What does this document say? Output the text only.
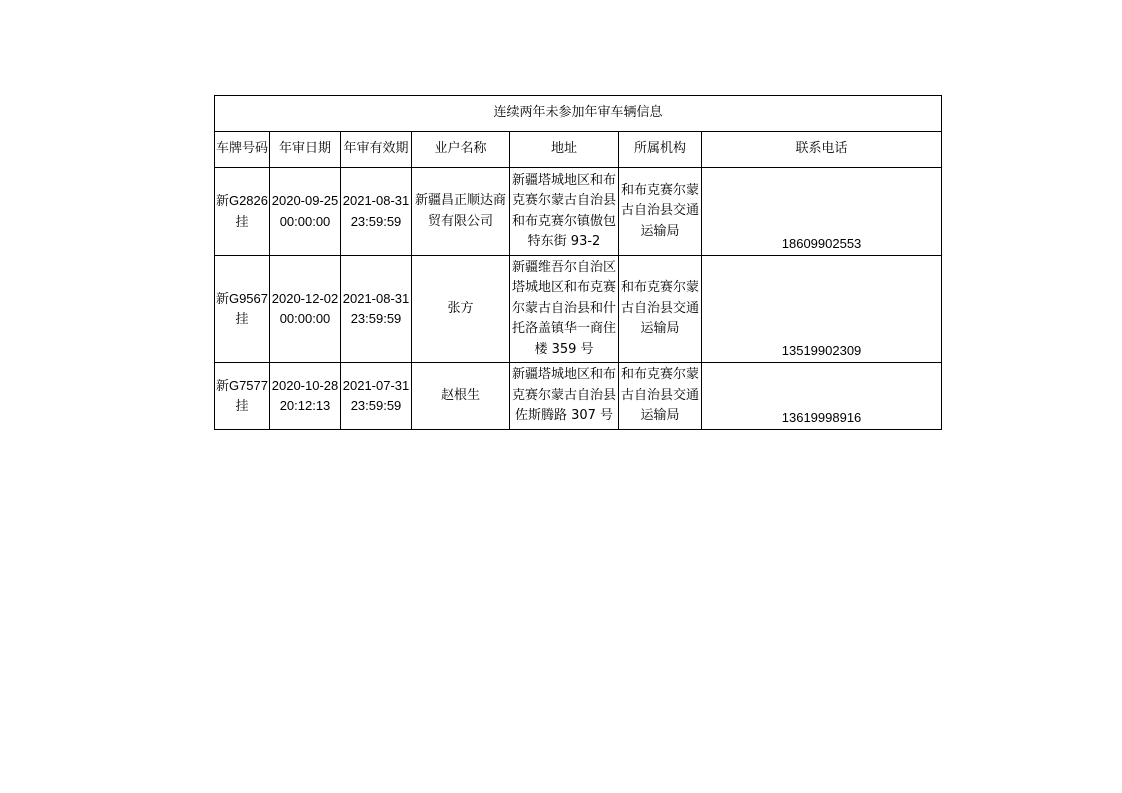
连续两年未参加年审车辆信息						
车牌号码	年审日期	年审有效期	业户名称	地址	所属机构	联系电话
新G2826挂	2020-09-25 00:00:00	2021-08-31 23:59:59	新疆昌正顺达商贸有限公司	新疆塔城地区和布克赛尔蒙古自治县和布克赛尔镇傲包特东街 93-2	和布克赛尔蒙古自治县交通运输局	18609902553
新G9567挂	2020-12-02 00:00:00	2021-08-31 23:59:59	张方	新疆维吾尔自治区塔城地区和布克赛尔蒙古自治县和什托洛盖镇华一商住楼 359 号	和布克赛尔蒙古自治县交通运输局	13519902309
新G7577挂	2020-10-28 20:12:13	2021-07-31 23:59:59	赵根生	新疆塔城地区和布克赛尔蒙古自治县佐斯腾路 307 号	和布克赛尔蒙古自治县交通运输局	13619998916
